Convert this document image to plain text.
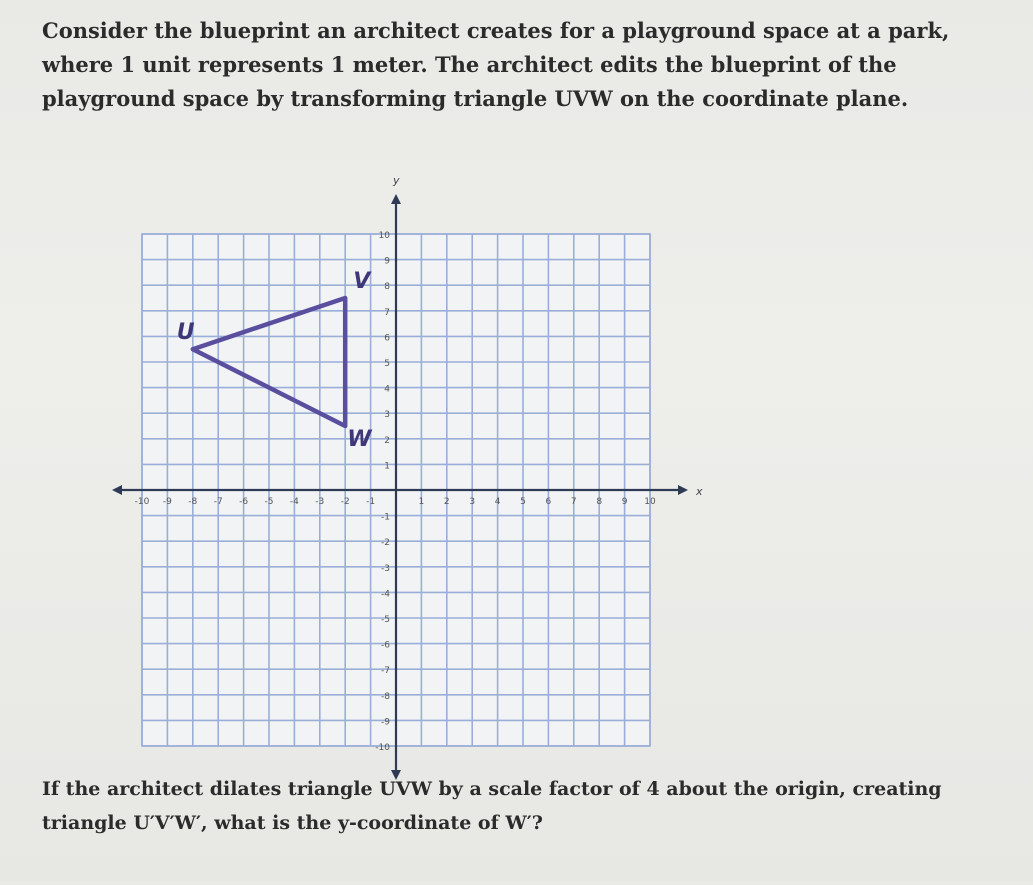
Consider the blueprint an architect creates for a playground space at a park, where 1 unit represents 1 meter. The architect edits the blueprint of the playground space by transforming triangle UVW on the coordinate plane.

x
y
-10 -9 -8 -7 -6 -5 -4 -3 -2 -1	1 2 3 4 5 6 7 8 9 10
-10
-9
-8
-7
-6
-5
-4
-3
-2
-1
1
2
3
4
5
6
7
8
9
10
U
V
W

If the architect dilates triangle UVW by a scale factor of 4 about the origin, creating triangle U′V′W′, what is the y-coordinate of W′?
